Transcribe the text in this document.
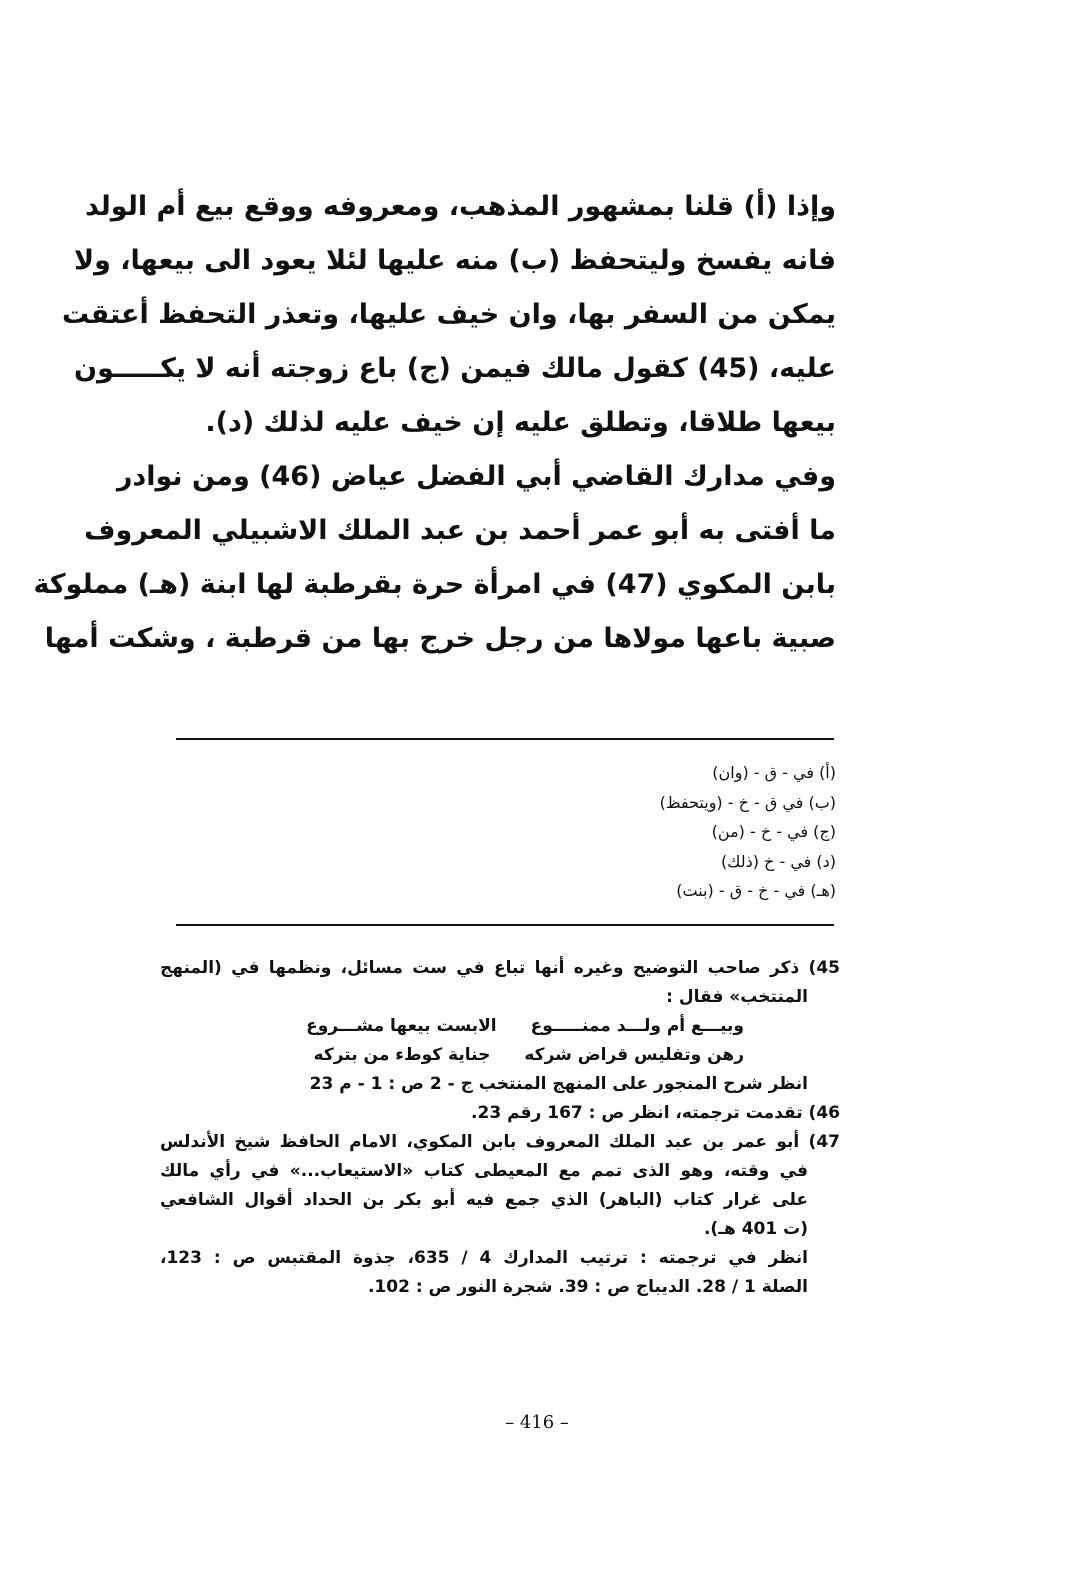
وإذا (أ) قلنا بمشهور المذهب، ومعروفه ووقع بيع أم الولد
فانه يفسخ وليتحفظ (ب) منه عليها لئلا يعود الى بيعها، ولا
يمكن من السفر بها، وان خيف عليها، وتعذر التحفظ أعتقت
عليه، (45) كقول مالك فيمن (ج) باع زوجته أنه لا يكـــــون
بيعها طلاقا، وتطلق عليه إن خيف عليه لذلك (د).
وفي مدارك القاضي أبي الفضل عياض (46) ومن نوادر
ما أفتى به أبو عمر أحمد بن عبد الملك الاشبيلي المعروف
بابن المكوي (47) في امرأة حرة بقرطبة لها ابنة (هـ) مملوكة
صبية باعها مولاها من رجل خرج بها من قرطبة ، وشكت أمها
(أ) في - ق - (وان)
(ب) في ق - خ - (ويتحفظ)
(ج) في - خ - (من)
(د) في - خ (ذلك)
(هـ) في - خ - ق - (بنت)
45) ذكر صاحب التوضيح وغيره أنها تباع في ست مسائل، ونظمها في (المنهج
المنتخب» فقال :
وبيـــع أم ولـــد ممنـــــوعالابست بيعها مشـــروع
رهن وتفليس قراض شركهجناية كوطء من بتركه
انظر شرح المنجور على المنهج المنتخب ج - 2 ص : 1 - م 23
46) تقدمت ترجمته، انظر ص : 167 رقم 23.
47) أبو عمر بن عبد الملك المعروف بابن المكوي، الامام الحافظ شيخ الأندلس
في وقته، وهو الذى تمم مع المعيطى كتاب «الاستيعاب...» في رأي مالك
على غرار كتاب (الباهر) الذي جمع فيه أبو بكر بن الحداد أقوال الشافعي
(ت 401 هـ).
انظر في ترجمته : ترتيب المدارك 4 / 635، جذوة المقتبس ص : 123،
الصلة 1 / 28. الديباج ص : 39. شجرة النور ص : 102.
– 416 –
